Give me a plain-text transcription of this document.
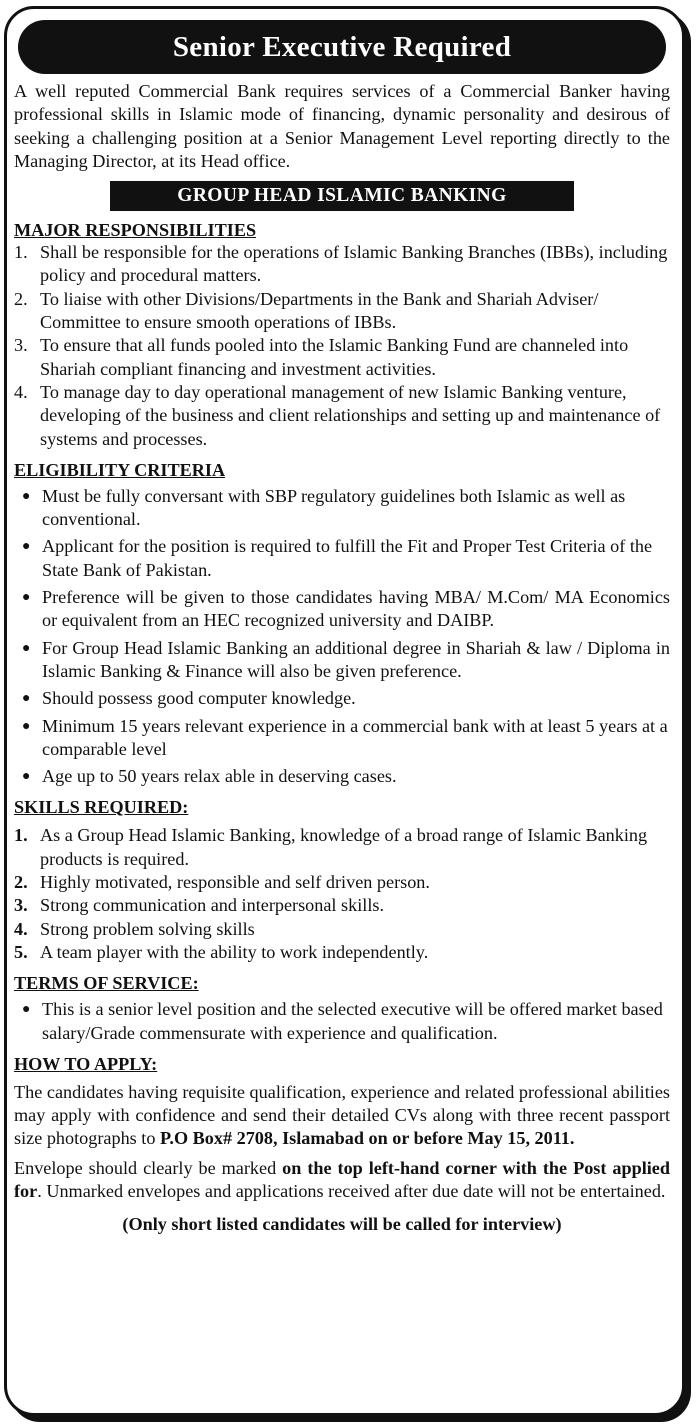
Senior Executive Required

A well reputed Commercial Bank requires services of a Commercial Banker having professional skills in Islamic mode of financing, dynamic personality and desirous of seeking a challenging position at a Senior Management Level reporting directly to the Managing Director, at its Head office.

GROUP HEAD ISLAMIC BANKING
MAJOR RESPONSIBILITIES
1. Shall be responsible for the operations of Islamic Banking Branches (IBBs), including policy and procedural matters.
2. To liaise with other Divisions/Departments in the Bank and Shariah Adviser/ Committee to ensure smooth operations of IBBs.
3. To ensure that all funds pooled into the Islamic Banking Fund are channeled into Shariah compliant financing and investment activities.
4. To manage day to day operational management of new Islamic Banking venture, developing of the business and client relationships and setting up and maintenance of systems and processes.
ELIGIBILITY CRITERIA
● Must be fully conversant with SBP regulatory guidelines both Islamic as well as conventional.
● Applicant for the position is required to fulfill the Fit and Proper Test Criteria of the State Bank of Pakistan.
● Preference will be given to those candidates having MBA/ M.Com/ MA Economics or equivalent from an HEC recognized university and DAIBP.
● For Group Head Islamic Banking an additional degree in Shariah & law / Diploma in Islamic Banking & Finance will also be given preference.
● Should possess good computer knowledge.
● Minimum 15 years relevant experience in a commercial bank with at least 5 years at a comparable level
● Age up to 50 years relax able in deserving cases.
SKILLS REQUIRED:
1. As a Group Head Islamic Banking, knowledge of a broad range of Islamic Banking products is required.
2. Highly motivated, responsible and self driven person.
3. Strong communication and interpersonal skills.
4. Strong problem solving skills
5. A team player with the ability to work independently.
TERMS OF SERVICE:
● This is a senior level position and the selected executive will be offered market based salary/Grade commensurate with experience and qualification.
HOW TO APPLY:

The candidates having requisite qualification, experience and related professional abilities may apply with confidence and send their detailed CVs along with three recent passport size photographs to P.O Box# 2708, Islamabad on or before May 15, 2011.

Envelope should clearly be marked on the top left-hand corner with the Post applied for. Unmarked envelopes and applications received after due date will not be entertained.

(Only short listed candidates will be called for interview)
